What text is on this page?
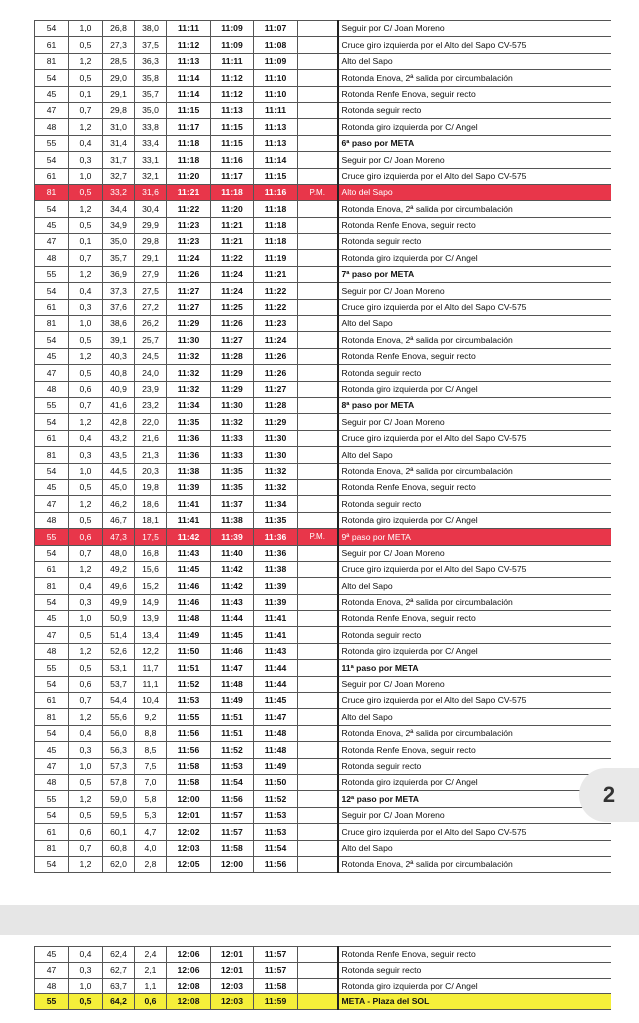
54	1,0	26,8	38,0	11:11	11:09	11:07		Seguir por C/ Joan Moreno
61	0,5	27,3	37,5	11:12	11:09	11:08		Cruce giro izquierda por el Alto del Sapo CV-575
81	1,2	28,5	36,3	11:13	11:11	11:09		Alto del Sapo
54	0,5	29,0	35,8	11:14	11:12	11:10		Rotonda Enova, 2ª salida por circumbalación
45	0,1	29,1	35,7	11:14	11:12	11:10		Rotonda Renfe Enova, seguir recto
47	0,7	29,8	35,0	11:15	11:13	11:11		Rotonda seguir recto
48	1,2	31,0	33,8	11:17	11:15	11:13		Rotonda giro izquierda por C/ Angel
55	0,4	31,4	33,4	11:18	11:15	11:13		6ª paso por META
54	0,3	31,7	33,1	11:18	11:16	11:14		Seguir por C/ Joan Moreno
61	1,0	32,7	32,1	11:20	11:17	11:15		Cruce giro izquierda por el Alto del Sapo CV-575
81	0,5	33,2	31,6	11:21	11:18	11:16	P.M.	Alto del Sapo
54	1,2	34,4	30,4	11:22	11:20	11:18		Rotonda Enova, 2ª salida por circumbalación
45	0,5	34,9	29,9	11:23	11:21	11:18		Rotonda Renfe Enova, seguir recto
47	0,1	35,0	29,8	11:23	11:21	11:18		Rotonda seguir recto
48	0,7	35,7	29,1	11:24	11:22	11:19		Rotonda giro izquierda por C/ Angel
55	1,2	36,9	27,9	11:26	11:24	11:21		7ª paso por META
54	0,4	37,3	27,5	11:27	11:24	11:22		Seguir por C/ Joan Moreno
61	0,3	37,6	27,2	11:27	11:25	11:22		Cruce giro izquierda por el Alto del Sapo CV-575
81	1,0	38,6	26,2	11:29	11:26	11:23		Alto del Sapo
54	0,5	39,1	25,7	11:30	11:27	11:24		Rotonda Enova, 2ª salida por circumbalación
45	1,2	40,3	24,5	11:32	11:28	11:26		Rotonda Renfe Enova, seguir recto
47	0,5	40,8	24,0	11:32	11:29	11:26		Rotonda seguir recto
48	0,6	40,9	23,9	11:32	11:29	11:27		Rotonda giro izquierda por C/ Angel
55	0,7	41,6	23,2	11:34	11:30	11:28		8ª paso por META
54	1,2	42,8	22,0	11:35	11:32	11:29		Seguir por C/ Joan Moreno
61	0,4	43,2	21,6	11:36	11:33	11:30		Cruce giro izquierda por el Alto del Sapo CV-575
81	0,3	43,5	21,3	11:36	11:33	11:30		Alto del Sapo
54	1,0	44,5	20,3	11:38	11:35	11:32		Rotonda Enova, 2ª salida por circumbalación
45	0,5	45,0	19,8	11:39	11:35	11:32		Rotonda Renfe Enova, seguir recto
47	1,2	46,2	18,6	11:41	11:37	11:34		Rotonda seguir recto
48	0,5	46,7	18,1	11:41	11:38	11:35		Rotonda giro izquierda por C/ Angel
55	0,6	47,3	17,5	11:42	11:39	11:36	P.M.	9ª paso por META
54	0,7	48,0	16,8	11:43	11:40	11:36		Seguir por C/ Joan Moreno
61	1,2	49,2	15,6	11:45	11:42	11:38		Cruce giro izquierda por el Alto del Sapo CV-575
81	0,4	49,6	15,2	11:46	11:42	11:39		Alto del Sapo
54	0,3	49,9	14,9	11:46	11:43	11:39		Rotonda Enova, 2ª salida por circumbalación
45	1,0	50,9	13,9	11:48	11:44	11:41		Rotonda Renfe Enova, seguir recto
47	0,5	51,4	13,4	11:49	11:45	11:41		Rotonda seguir recto
48	1,2	52,6	12,2	11:50	11:46	11:43		Rotonda giro izquierda por C/ Angel
55	0,5	53,1	11,7	11:51	11:47	11:44		11ª paso por META
54	0,6	53,7	11,1	11:52	11:48	11:44		Seguir por C/ Joan Moreno
61	0,7	54,4	10,4	11:53	11:49	11:45		Cruce giro izquierda por el Alto del Sapo CV-575
81	1,2	55,6	9,2	11:55	11:51	11:47		Alto del Sapo
54	0,4	56,0	8,8	11:56	11:51	11:48		Rotonda Enova, 2ª salida por circumbalación
45	0,3	56,3	8,5	11:56	11:52	11:48		Rotonda Renfe Enova, seguir recto
47	1,0	57,3	7,5	11:58	11:53	11:49		Rotonda seguir recto
48	0,5	57,8	7,0	11:58	11:54	11:50		Rotonda giro izquierda por C/ Angel
55	1,2	59,0	5,8	12:00	11:56	11:52		12ª paso por META
54	0,5	59,5	5,3	12:01	11:57	11:53		Seguir por C/ Joan Moreno
61	0,6	60,1	4,7	12:02	11:57	11:53		Cruce giro izquierda por el Alto del Sapo CV-575
81	0,7	60,8	4,0	12:03	11:58	11:54		Alto del Sapo
54	1,2	62,0	2,8	12:05	12:00	11:56		Rotonda Enova, 2ª salida por circumbalación
2
45	0,4	62,4	2,4	12:06	12:01	11:57		Rotonda Renfe Enova, seguir recto
47	0,3	62,7	2,1	12:06	12:01	11:57		Rotonda seguir recto
48	1,0	63,7	1,1	12:08	12:03	11:58		Rotonda giro izquierda por C/ Angel
55	0,5	64,2	0,6	12:08	12:03	11:59		META - Plaza del SOL
